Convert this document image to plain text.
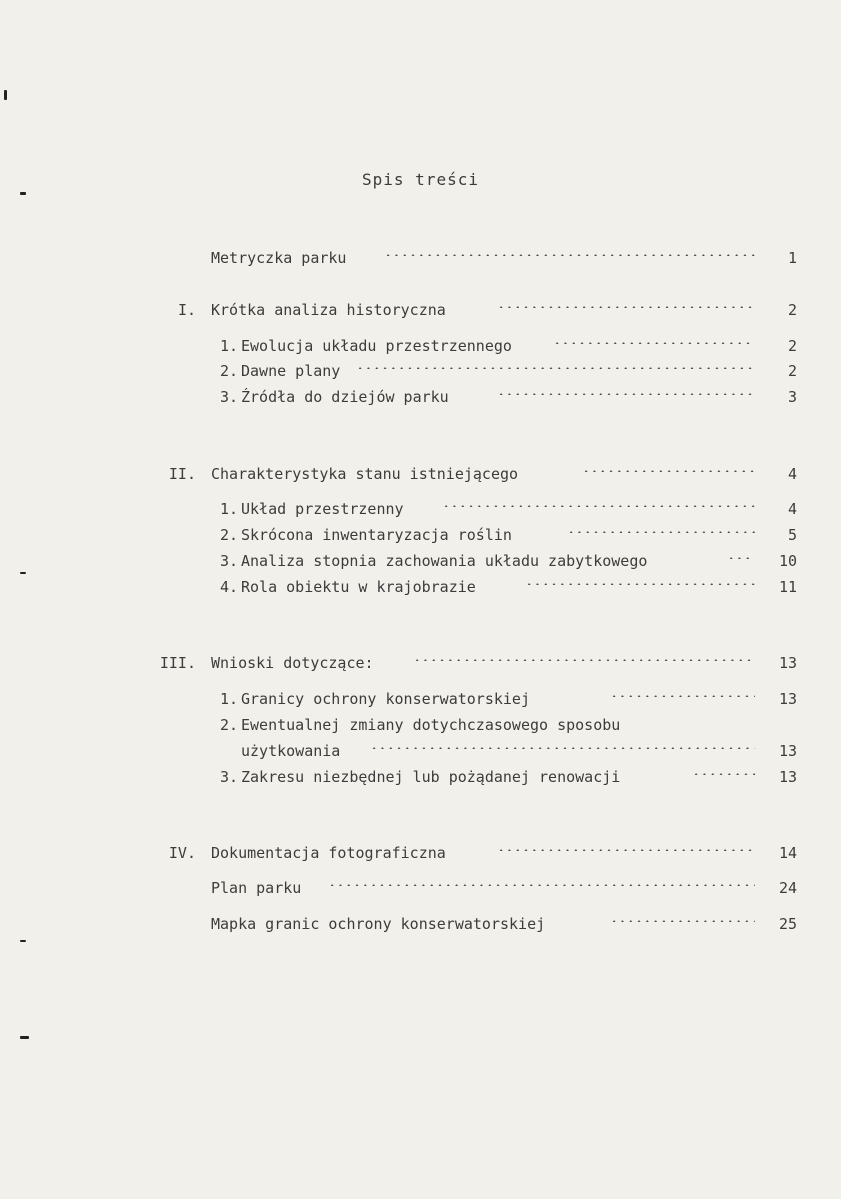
Spis treści
Metryczka parku	1
I. Krótka analiza historyczna	2
1. Ewolucja układu przestrzennego	2
2. Dawne plany	2
3. Źródła do dziejów parku	3
II. Charakterystyka stanu istniejącego	4
1. Układ przestrzenny	4
2. Skrócona inwentaryzacja roślin	5
3. Analiza stopnia zachowania układu zabytkowego	10
4. Rola obiektu w krajobrazie	11
III. Wnioski dotyczące:	13
1. Granicy ochrony konserwatorskiej	13
2. Ewentualnej zmiany dotychczasowego sposobu
użytkowania	13
3. Zakresu niezbędnej lub pożądanej renowacji	13
IV. Dokumentacja fotograficzna	14
Plan parku	24
Mapka granic ochrony konserwatorskiej	25
